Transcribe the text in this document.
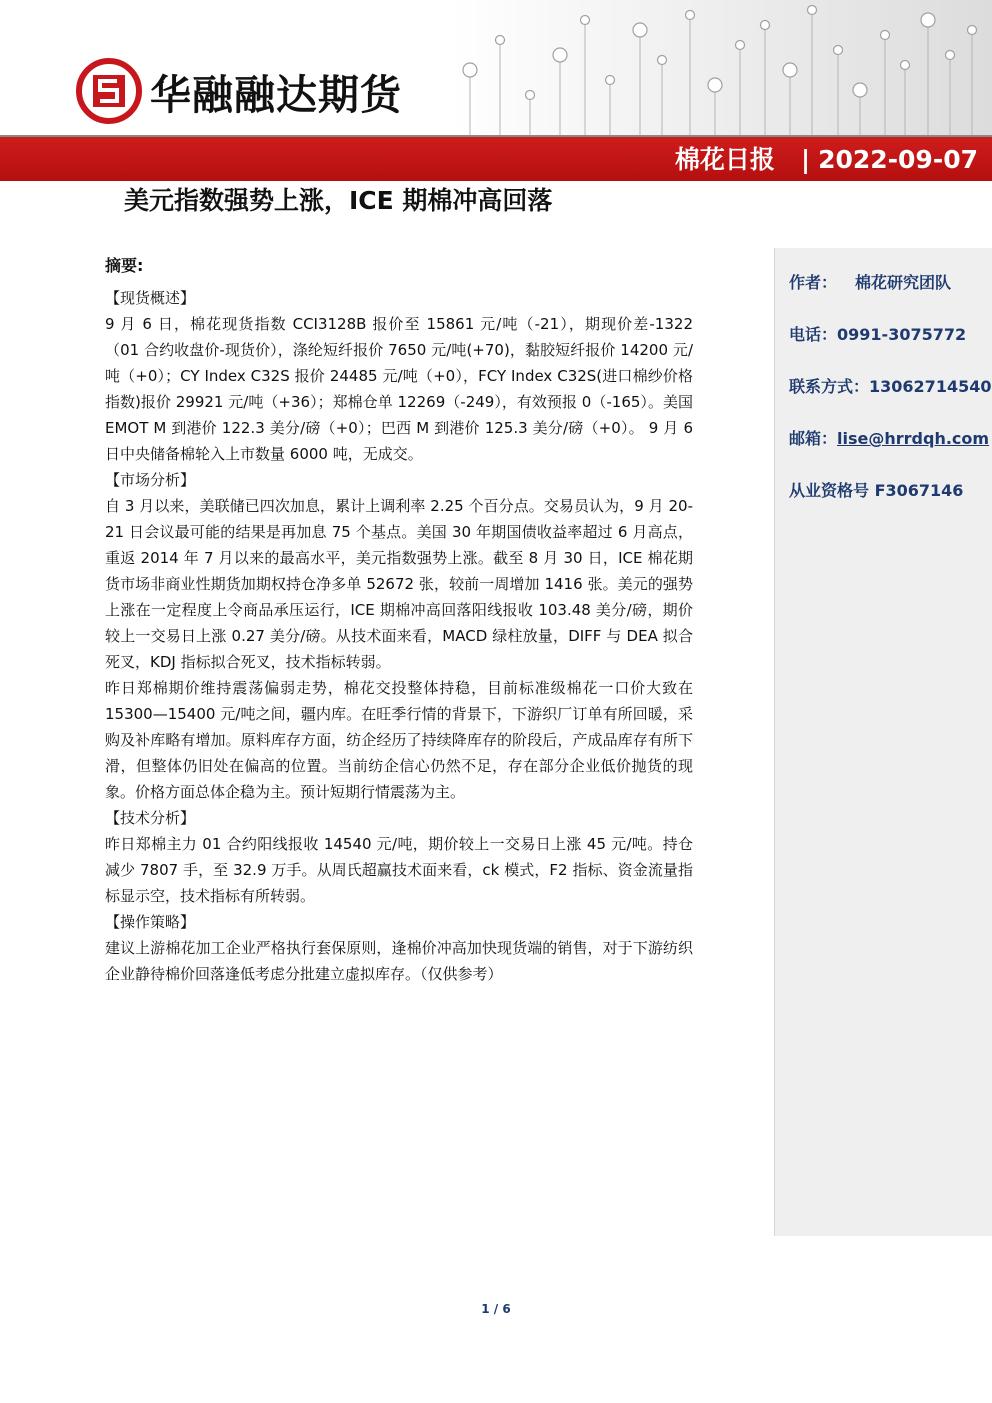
华融融达期货
棉花日报 | 2022-09-07
美元指数强势上涨，ICE 期棉冲高回落
摘要:

【现货概述】

9 月 6 日，棉花现货指数 CCI3128B 报价至 15861 元/吨（-21），期现价差-1322（01 合约收盘价-现货价），涤纶短纤报价 7650 元/吨(+70)，黏胶短纤报价 14200 元/吨（+0）；CY Index C32S 报价 24485 元/吨（+0），FCY Index C32S(进口棉纱价格指数)报价 29921 元/吨（+36）；郑棉仓单 12269（-249），有效预报 0（-165）。美国 EMOT M 到港价 122.3 美分/磅（+0）；巴西 M 到港价 125.3 美分/磅（+0）。 9 月 6 日中央储备棉轮入上市数量 6000 吨，无成交。

【市场分析】

自 3 月以来，美联储已四次加息，累计上调利率 2.25 个百分点。交易员认为，9 月 20-21 日会议最可能的结果是再加息 75 个基点。美国 30 年期国债收益率超过 6 月高点，重返 2014 年 7 月以来的最高水平，美元指数强势上涨。截至 8 月 30 日，ICE 棉花期货市场非商业性期货加期权持仓净多单 52672 张，较前一周增加 1416 张。美元的强势上涨在一定程度上令商品承压运行，ICE 期棉冲高回落阳线报收 103.48 美分/磅，期价较上一交易日上涨 0.27 美分/磅。从技术面来看，MACD 绿柱放量，DIFF 与 DEA 拟合死叉，KDJ 指标拟合死叉，技术指标转弱。

昨日郑棉期价维持震荡偏弱走势，棉花交投整体持稳，目前标准级棉花一口价大致在 15300—15400 元/吨之间，疆内库。在旺季行情的背景下，下游织厂订单有所回暖，采购及补库略有增加。原料库存方面，纺企经历了持续降库存的阶段后，产成品库存有所下滑，但整体仍旧处在偏高的位置。当前纺企信心仍然不足，存在部分企业低价抛货的现象。价格方面总体企稳为主。预计短期行情震荡为主。

【技术分析】

昨日郑棉主力 01 合约阳线报收 14540 元/吨，期价较上一交易日上涨 45 元/吨。持仓减少 7807 手，至 32.9 万手。从周氏超赢技术面来看，ck 模式，F2 指标、资金流量指标显示空，技术指标有所转弱。

【操作策略】

建议上游棉花加工企业严格执行套保原则，逢棉价冲高加快现货端的销售，对于下游纺织企业静待棉价回落逢低考虑分批建立虚拟库存。（仅供参考）

作者： 棉花研究团队
电话：0991-3075772
联系方式：13062714540
邮箱：lise@hrrdqh.com
从业资格号 F3067146
1 / 6
